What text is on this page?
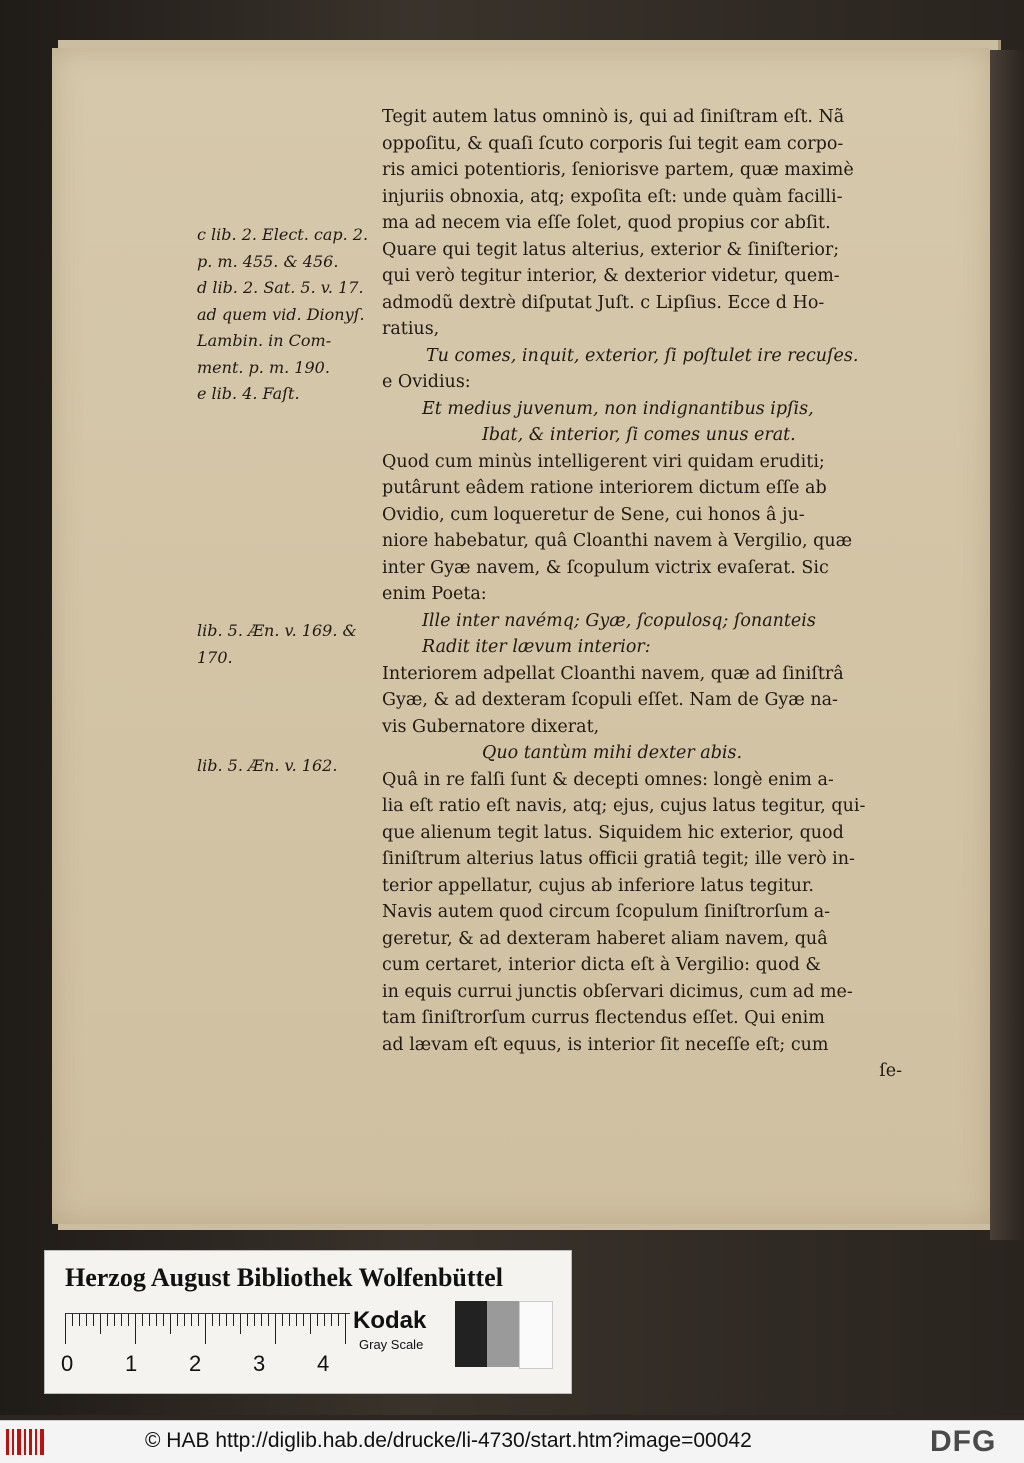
Tegit autem latus omninò is, qui ad ſiniſtram eſt. Nã
oppoſitu, & quaſi ſcuto corporis ſui tegit eam corpo-
ris amici potentioris, ſeniorisve partem, quæ maximè
injuriis obnoxia, atq; expoſita eſt: unde quàm facilli-
ma ad necem via eſſe ſolet, quod propius cor abſit.
Quare qui tegit latus alterius, exterior & ſiniſterior;
qui verò tegitur interior, & dexterior videtur, quem-
admodũ dextrè diſputat Juſt. c Lipſius. Ecce d Ho-
ratius,
Tu comes, inquit, exterior, ſi poſtulet ire recuſes.
e Ovidius:
Et medius juvenum, non indignantibus ipſis,
Ibat, & interior, ſi comes unus erat.
Quod cum minùs intelligerent viri quidam eruditi;
putârunt eâdem ratione interiorem dictum eſſe ab
Ovidio, cum loqueretur de Sene, cui honos â ju-
niore habebatur, quâ Cloanthi navem à Vergilio, quæ
inter Gyæ navem, & ſcopulum victrix evaſerat. Sic
enim Poeta:
Ille inter navémq; Gyæ, ſcopulosq; ſonanteis
Radit iter lævum interior:
Interiorem adpellat Cloanthi navem, quæ ad ſiniſtrâ
Gyæ, & ad dexteram ſcopuli eſſet. Nam de Gyæ na-
vis Gubernatore dixerat,
Quo tantùm mihi dexter abis.
Quâ in re falſi ſunt & decepti omnes: longè enim a-
lia eſt ratio eſt navis, atq; ejus, cujus latus tegitur, qui-
que alienum tegit latus. Siquidem hic exterior, quod
ſiniſtrum alterius latus officii gratiâ tegit; ille verò in-
terior appellatur, cujus ab inferiore latus tegitur.
Navis autem quod circum ſcopulum ſiniſtrorſum a-
geretur, & ad dexteram haberet aliam navem, quâ
cum certaret, interior dicta eſt à Vergilio: quod &
in equis currui junctis obſervari dicimus, cum ad me-
tam ſiniſtrorſum currus flectendus eſſet. Qui enim
ad lævam eſt equus, is interior ſit neceſſe eſt; cum
ſe-
c lib. 2. Elect. cap. 2.
p. m. 455. & 456.
d lib. 2. Sat. 5. v. 17.
ad quem vid. Dionyſ.
Lambin. in Com-
ment. p. m. 190.
e lib. 4. Faſt.
lib. 5. Æn. v. 169. &
170.
lib. 5. Æn. v. 162.
Herzog August Bibliothek Wolfenbüttel
0 1 2 3 4
Kodak
Gray Scale
© HAB http://diglib.hab.de/drucke/li-4730/start.htm?image=00042	DFG
